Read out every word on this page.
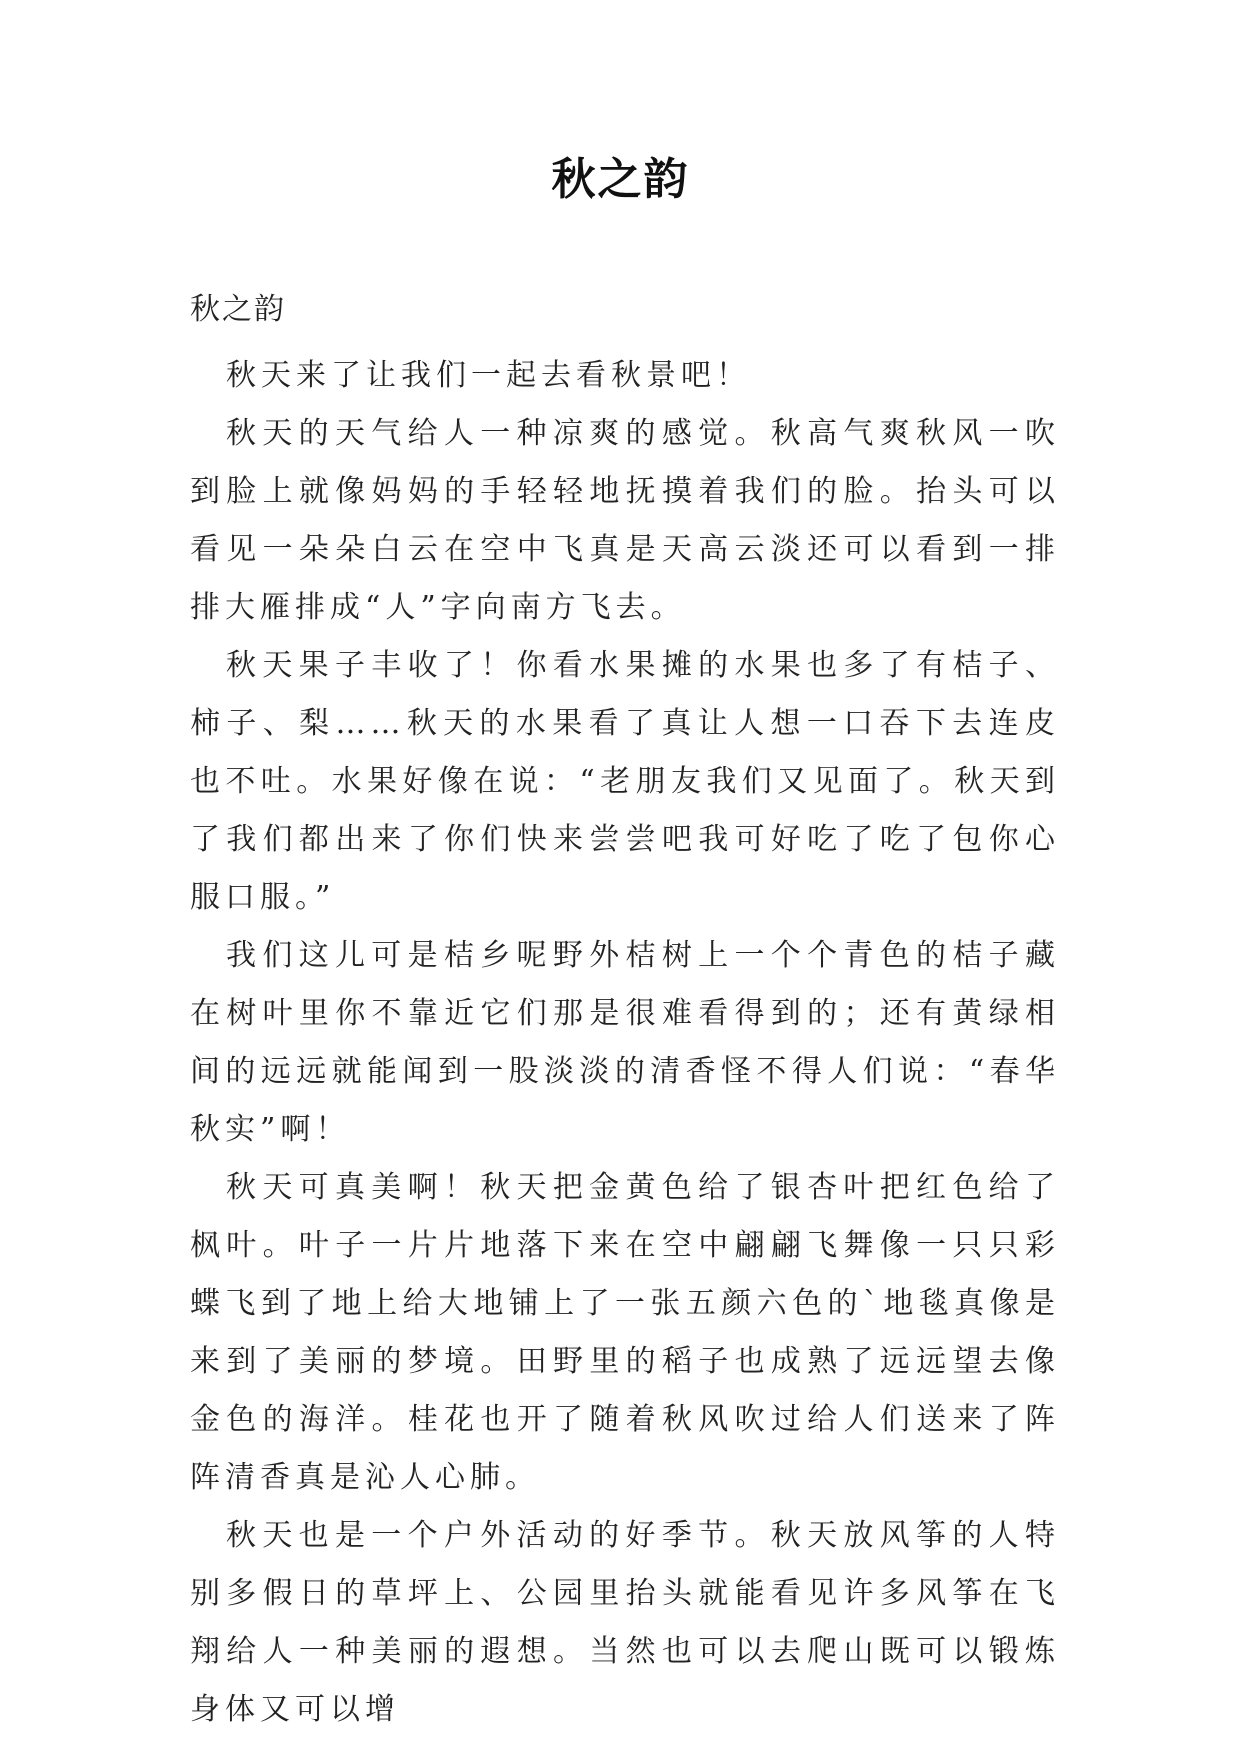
秋之韵
秋之韵

秋天来了让我们一起去看秋景吧！

秋天的天气给人一种凉爽的感觉。秋高气爽秋风一吹到脸上就像妈妈的手轻轻地抚摸着我们的脸。抬头可以看见一朵朵白云在空中飞真是天高云淡还可以看到一排排大雁排成“人”字向南方飞去。

秋天果子丰收了！你看水果摊的水果也多了有桔子、柿子、梨……秋天的水果看了真让人想一口吞下去连皮也不吐。水果好像在说：“老朋友我们又见面了。秋天到了我们都出来了你们快来尝尝吧我可好吃了吃了包你心服口服。”

我们这儿可是桔乡呢野外桔树上一个个青色的桔子藏在树叶里你不靠近它们那是很难看得到的；还有黄绿相间的远远就能闻到一股淡淡的清香怪不得人们说：“春华秋实”啊！

秋天可真美啊！秋天把金黄色给了银杏叶把红色给了枫叶。叶子一片片地落下来在空中翩翩飞舞像一只只彩蝶飞到了地上给大地铺上了一张五颜六色的`地毯真像是来到了美丽的梦境。田野里的稻子也成熟了远远望去像金色的海洋。桂花也开了随着秋风吹过给人们送来了阵阵清香真是沁人心肺。

秋天也是一个户外活动的好季节。秋天放风筝的人特别多假日的草坪上、公园里抬头就能看见许多风筝在飞翔给人一种美丽的遐想。当然也可以去爬山既可以锻炼身体又可以增
